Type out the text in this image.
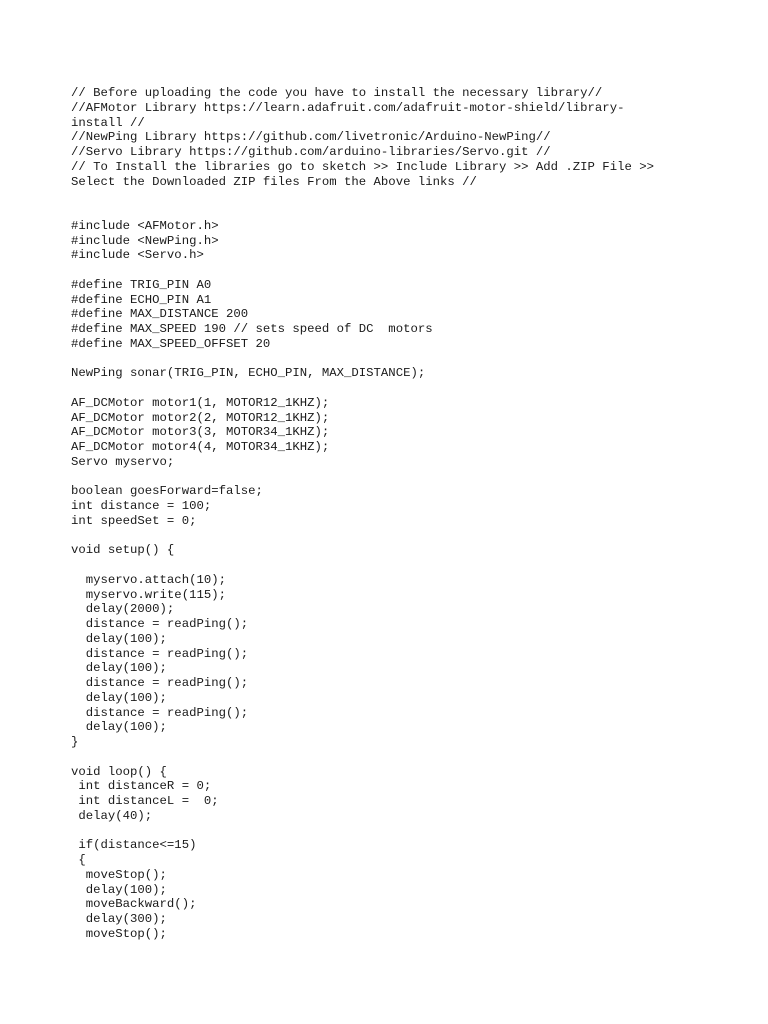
// Before uploading the code you have to install the necessary library//
//AFMotor Library https://learn.adafruit.com/adafruit-motor-shield/library-
install //
//NewPing Library https://github.com/livetronic/Arduino-NewPing//
//Servo Library https://github.com/arduino-libraries/Servo.git //
// To Install the libraries go to sketch >> Include Library >> Add .ZIP File >>
Select the Downloaded ZIP files From the Above links //
#include <AFMotor.h>
#include <NewPing.h>
#include <Servo.h>
#define TRIG_PIN A0
#define ECHO_PIN A1
#define MAX_DISTANCE 200
#define MAX_SPEED 190 // sets speed of DC  motors
#define MAX_SPEED_OFFSET 20
NewPing sonar(TRIG_PIN, ECHO_PIN, MAX_DISTANCE);
AF_DCMotor motor1(1, MOTOR12_1KHZ);
AF_DCMotor motor2(2, MOTOR12_1KHZ);
AF_DCMotor motor3(3, MOTOR34_1KHZ);
AF_DCMotor motor4(4, MOTOR34_1KHZ);
Servo myservo;
boolean goesForward=false;
int distance = 100;
int speedSet = 0;
void setup() {
myservo.attach(10);
myservo.write(115);
delay(2000);
distance = readPing();
delay(100);
distance = readPing();
delay(100);
distance = readPing();
delay(100);
distance = readPing();
delay(100);
}
void loop() {
int distanceR = 0;
int distanceL =  0;
delay(40);
if(distance<=15)
{
moveStop();
delay(100);
moveBackward();
delay(300);
moveStop();
